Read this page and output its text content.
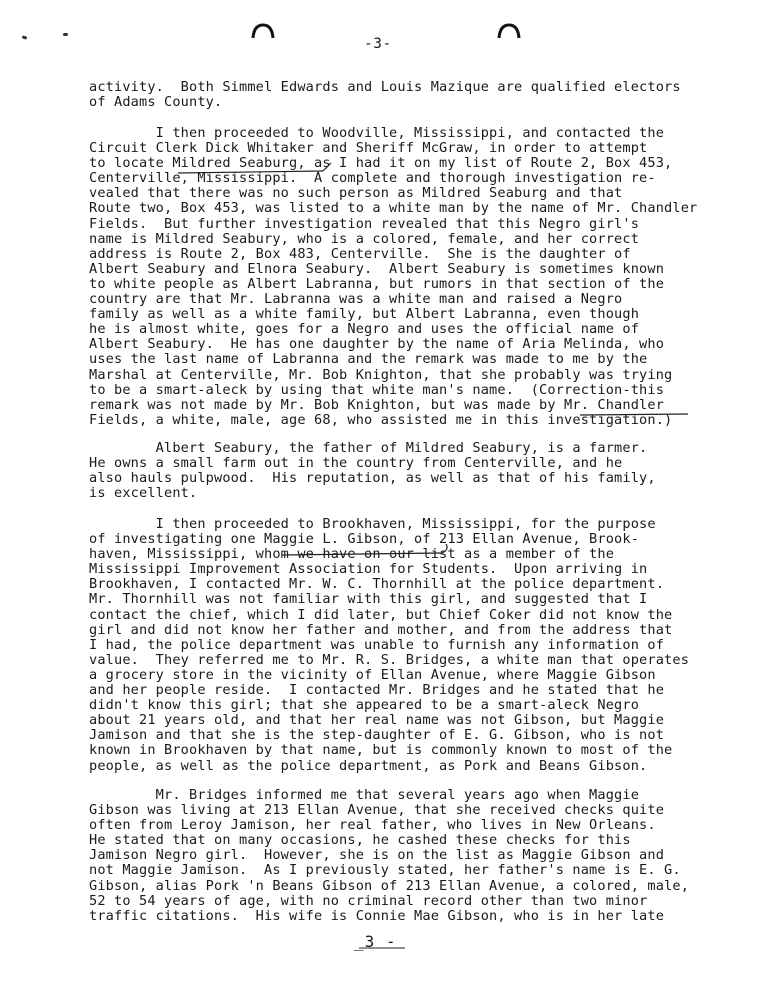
-3-
activity.  Both Simmel Edwards and Louis Mazique are qualified electors
of Adams County.
I then proceeded to Woodville, Mississippi, and contacted the
Circuit Clerk Dick Whitaker and Sheriff McGraw, in order to attempt
to locate Mildred Seaburg, as I had it on my list of Route 2, Box 453,
Centerville, Mississippi.  A complete and thorough investigation re-
vealed that there was no such person as Mildred Seaburg and that
Route two, Box 453, was listed to a white man by the name of Mr. Chandler
Fields.  But further investigation revealed that this Negro girl's
name is Mildred Seabury, who is a colored, female, and her correct
address is Route 2, Box 483, Centerville.  She is the daughter of
Albert Seabury and Elnora Seabury.  Albert Seabury is sometimes known
to white people as Albert Labranna, but rumors in that section of the
country are that Mr. Labranna was a white man and raised a Negro
family as well as a white family, but Albert Labranna, even though
he is almost white, goes for a Negro and uses the official name of
Albert Seabury.  He has one daughter by the name of Aria Melinda, who
uses the last name of Labranna and the remark was made to me by the
Marshal at Centerville, Mr. Bob Knighton, that she probably was trying
to be a smart-aleck by using that white man's name.  (Correction-this
remark was not made by Mr. Bob Knighton, but was made by Mr. Chandler
Fields, a white, male, age 68, who assisted me in this investigation.)
Albert Seabury, the father of Mildred Seabury, is a farmer.
He owns a small farm out in the country from Centerville, and he
also hauls pulpwood.  His reputation, as well as that of his family,
is excellent.
I then proceeded to Brookhaven, Mississippi, for the purpose
of investigating one Maggie L. Gibson, of 213 Ellan Avenue, Brook-
haven, Mississippi, whom we have on our list as a member of the
Mississippi Improvement Association for Students.  Upon arriving in
Brookhaven, I contacted Mr. W. C. Thornhill at the police department.
Mr. Thornhill was not familiar with this girl, and suggested that I
contact the chief, which I did later, but Chief Coker did not know the
girl and did not know her father and mother, and from the address that
I had, the police department was unable to furnish any information of
value.  They referred me to Mr. R. S. Bridges, a white man that operates
a grocery store in the vicinity of Ellan Avenue, where Maggie Gibson
and her people reside.  I contacted Mr. Bridges and he stated that he
didn't know this girl; that she appeared to be a smart-aleck Negro
about 21 years old, and that her real name was not Gibson, but Maggie
Jamison and that she is the step-daughter of E. G. Gibson, who is not
known in Brookhaven by that name, but is commonly known to most of the
people, as well as the police department, as Pork and Beans Gibson.
Mr. Bridges informed me that several years ago when Maggie
Gibson was living at 213 Ellan Avenue, that she received checks quite
often from Leroy Jamison, her real father, who lives in New Orleans.
He stated that on many occasions, he cashed these checks for this
Jamison Negro girl.  However, she is on the list as Maggie Gibson and
not Maggie Jamison.  As I previously stated, her father's name is E. G.
Gibson, alias Pork 'n Beans Gibson of 213 Ellan Avenue, a colored, male,
52 to 54 years of age, with no criminal record other than two minor
traffic citations.  His wife is Connie Mae Gibson, who is in her late
_3 -
